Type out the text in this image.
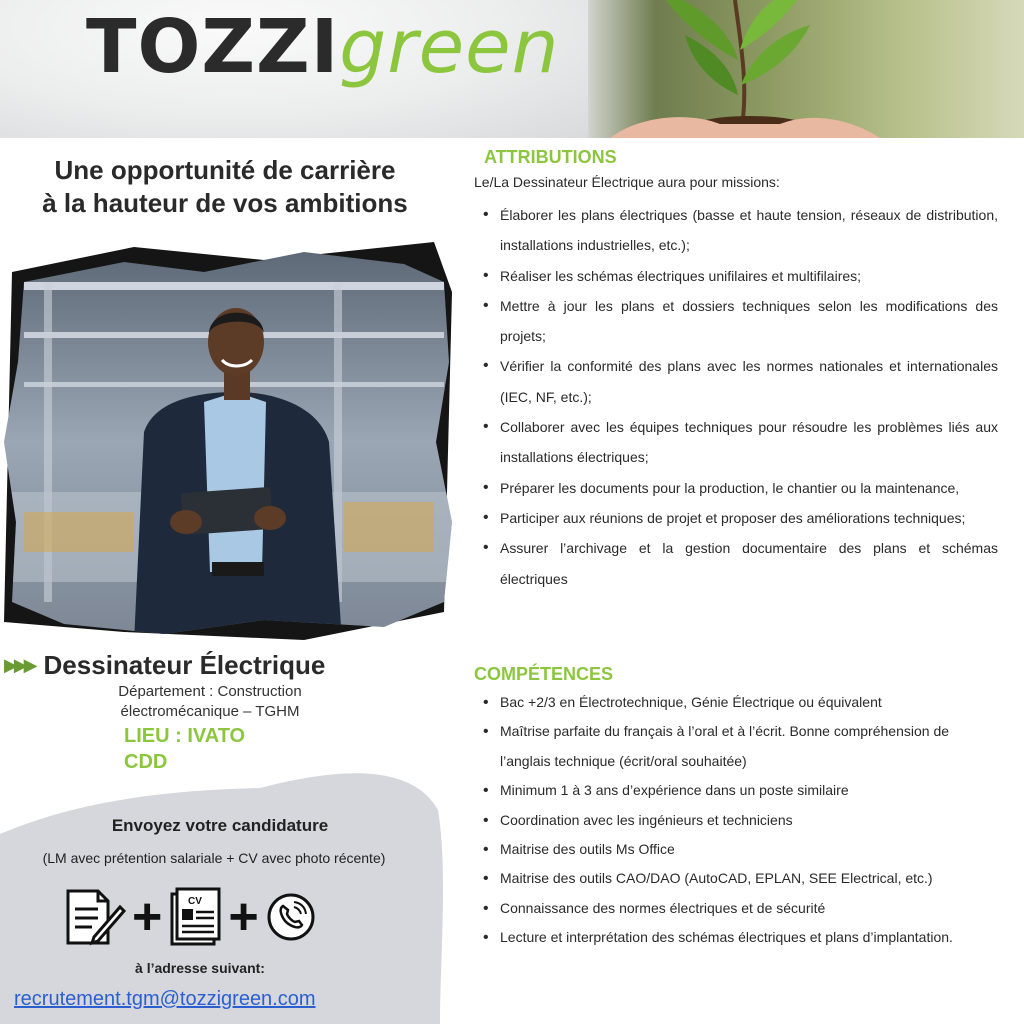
TOZZIgreen
Une opportunité de carrière
à la hauteur de vos ambitions
▶▶▶ Dessinateur Électrique
Département : Construction
électromécanique – TGHM
LIEU : IVATO
CDD
Envoyez votre candidature
(LM avec prétention salariale + CV avec photo récente)
+	CV +
à l’adresse suivant:
recrutement.tgm@tozzigreen.com
ATTRIBUTIONS
Le/La Dessinateur Électrique aura pour missions:
• Élaborer les plans électriques (basse et haute tension, réseaux de distribution, installations industrielles, etc.);
• Réaliser les schémas électriques unifilaires et multifilaires;
• Mettre à jour les plans et dossiers techniques selon les modifications des projets;
• Vérifier la conformité des plans avec les normes nationales et internationales (IEC, NF, etc.);
• Collaborer avec les équipes techniques pour résoudre les problèmes liés aux installations électriques;
• Préparer les documents pour la production, le chantier ou la maintenance,
• Participer aux réunions de projet et proposer des améliorations techniques;
• Assurer l’archivage et la gestion documentaire des plans et schémas électriques
COMPÉTENCES
• Bac +2/3 en Électrotechnique, Génie Électrique ou équivalent
• Maîtrise parfaite du français à l’oral et à l’écrit. Bonne compréhension de l’anglais technique (écrit/oral souhaitée)
• Minimum 1 à 3 ans d’expérience dans un poste similaire
• Coordination avec les ingénieurs et techniciens
• Maitrise des outils Ms Office
• Maitrise des outils CAO/DAO (AutoCAD, EPLAN, SEE Electrical, etc.)
• Connaissance des normes électriques et de sécurité
• Lecture et interprétation des schémas électriques et plans d’implantation.
